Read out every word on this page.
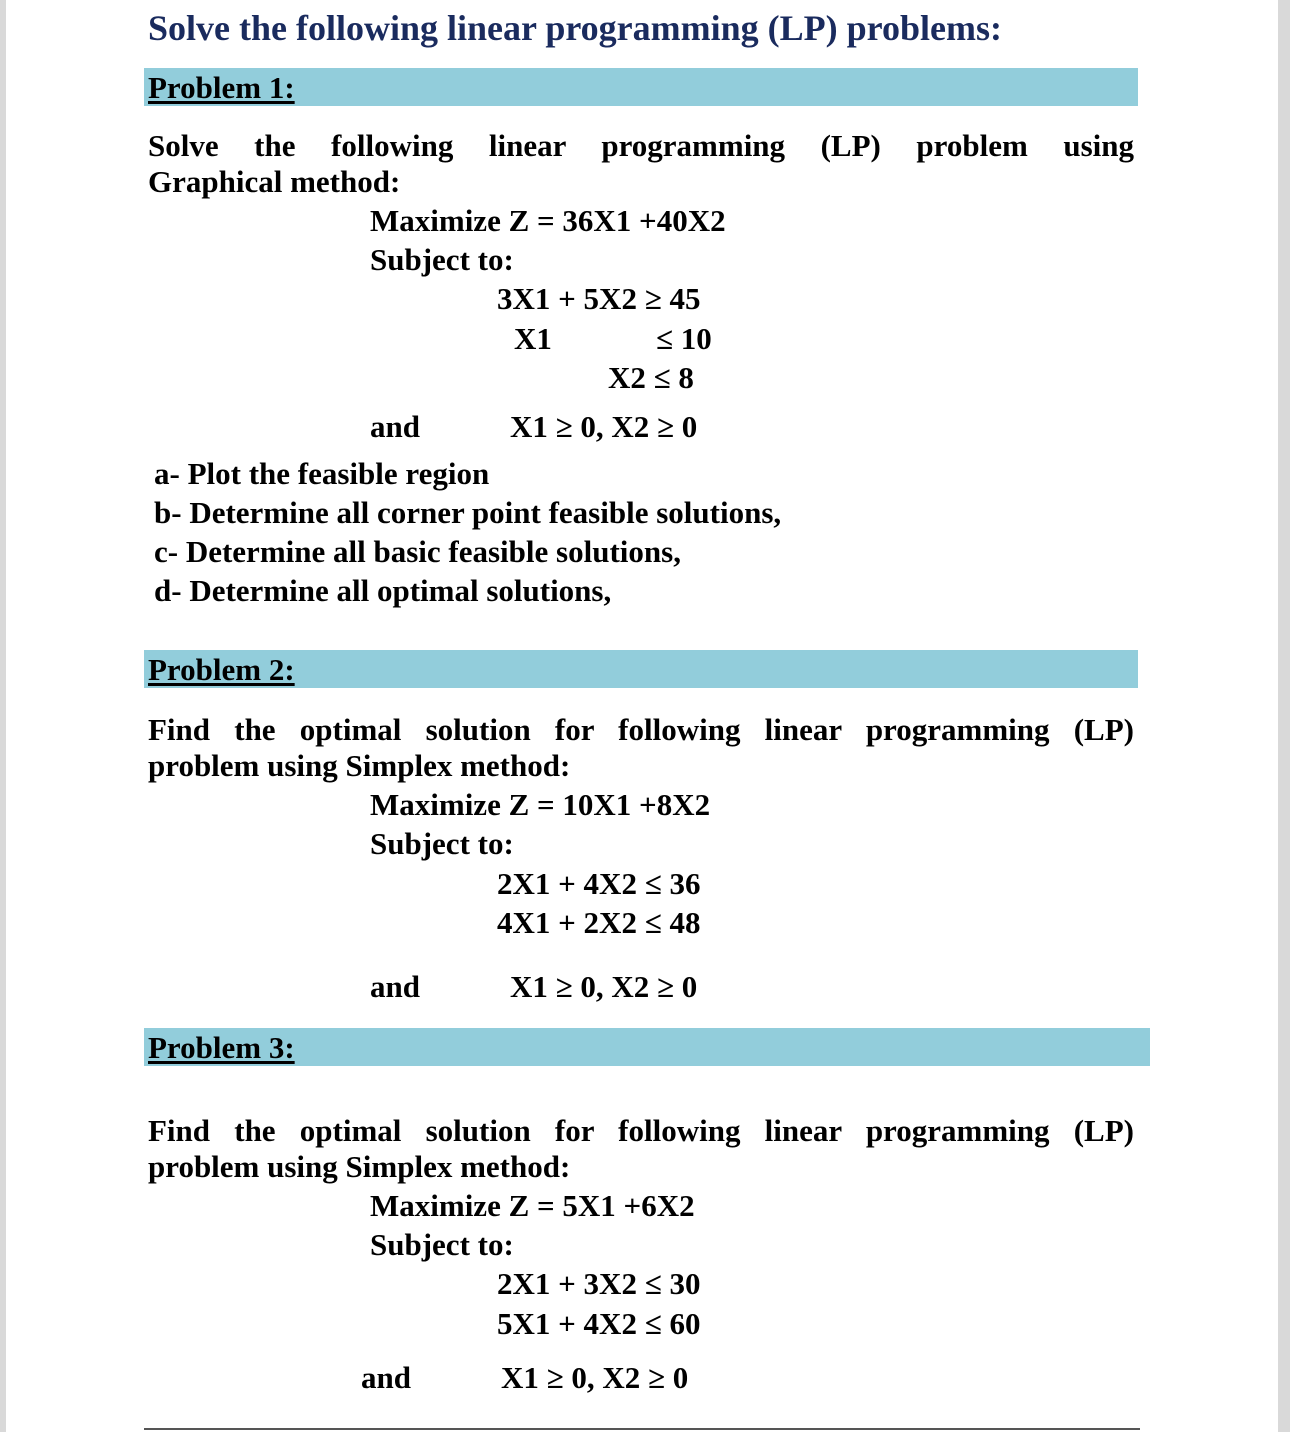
Solve the following linear programming (LP) problems:
Problem 1:
Solve the following linear programming (LP) problem using
Graphical method:
Maximize Z = 36X1 +40X2
Subject to:
3X1 + 5X2 ≥ 45
X1	≤ 10
X2 ≤ 8
and	X1 ≥ 0, X2 ≥ 0
a- Plot the feasible region
b- Determine all corner point feasible solutions,
c- Determine all basic feasible solutions,
d- Determine all optimal solutions,
Problem 2:
Find the optimal solution for following linear programming (LP)
problem using Simplex method:
Maximize Z = 10X1 +8X2
Subject to:
2X1 + 4X2 ≤ 36
4X1 + 2X2 ≤ 48
and	X1 ≥ 0, X2 ≥ 0
Problem 3:
Find the optimal solution for following linear programming (LP)
problem using Simplex method:
Maximize Z = 5X1 +6X2
Subject to:
2X1 + 3X2 ≤ 30
5X1 + 4X2 ≤ 60
and	X1 ≥ 0, X2 ≥ 0
